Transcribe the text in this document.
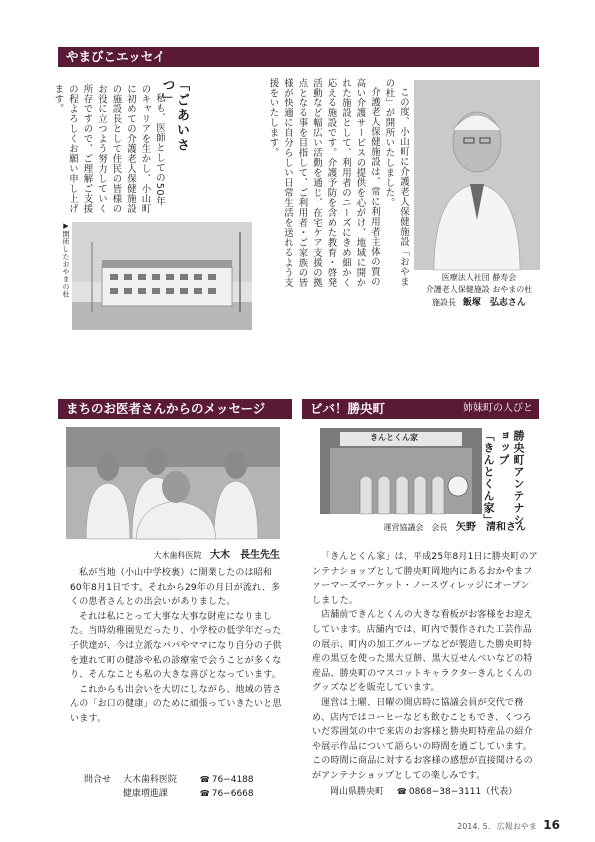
やまびこエッセイ

この度、小山町に介護老人保健施設「おやまの杜」が開所いたしました。

介護老人保健施設は、常に利用者主体の質の高い介護サービスの提供を心がけ、地域に開かれた施設として、利用者のニーズにきめ細かく応える施設です。介護予防を含めた教育・啓発活動など幅広い活動を通じ、在宅ケア支援の拠点となる事を目指して、ご利用者・ご家族の皆様が快適に自分らしい日常生活を送れるよう支援をいたします。

「ごあいさつ」

私も、医師としての50年のキャリアを生かし、小山町に初めての介護老人保健施設の施設長として住民の皆様のお役に立つよう努力していく所存ですので、ご理解ご支援の程よろしくお願い申し上げます。

▶開所したおやまの杜	医療法人社団 静寿会
介護老人保健施設 おやまの杜
施設長 飯塚　弘志さん
まちのお医者さんからのメッセージ
大木歯科医院 大木　長生先生

私が当地（小山中学校裏）に開業したのは昭和60年8月1日です。それから29年の月日が流れ、多くの患者さんとの出会いがありました。

それは私にとって大事な大事な財産になりました。当時幼稚園児だったり、小学校の低学年だった子供達が、今は立派なパパやママになり自分の子供を連れて町の健診や私の診療室で会うことが多くなり、そんなことも私の大きな喜びとなっています。

これからも出会いを大切にしながら、地域の皆さんの「お口の健康」のために頑張っていきたいと思います。

問合せ 大木歯科医院	☎ 76−4188
健康増進課	☎ 76−6668
ビバ！勝央町	姉妹町の人びと
きんとくん家	勝央町アンテナショップ
「きんとくん家」
運営協議会　会長 矢野　清和さん

「きんとくん家」は、平成25年8月1日に勝央町のアンテナショップとして勝央町岡地内にあるおかやまファーマーズマーケット・ノースヴィレッジにオープンしました。

店舗前できんとくんの大きな看板がお客様をお迎えしています。店舗内では、町内で製作された工芸作品の展示、町内の加工グループなどが製造した勝央町特産の黒豆を使った黒大豆餅、黒大豆せんべいなどの特産品、勝央町のマスコットキャラクターきんとくんのグッズなどを販売しています。

運営は土曜、日曜の開店時に協議会員が交代で務め、店内ではコーヒーなども飲むこともでき、くつろいだ雰囲気の中で来店のお客様と勝央町特産品の紹介や展示作品について語らいの時間を過ごしています。この時間に商品に対するお客様の感想が直接聞けるのがアンテナショップとしての楽しみです。

岡山県勝央町 ☎ 0868−38−3111（代表）
2014. 5. 広報おやま 16
